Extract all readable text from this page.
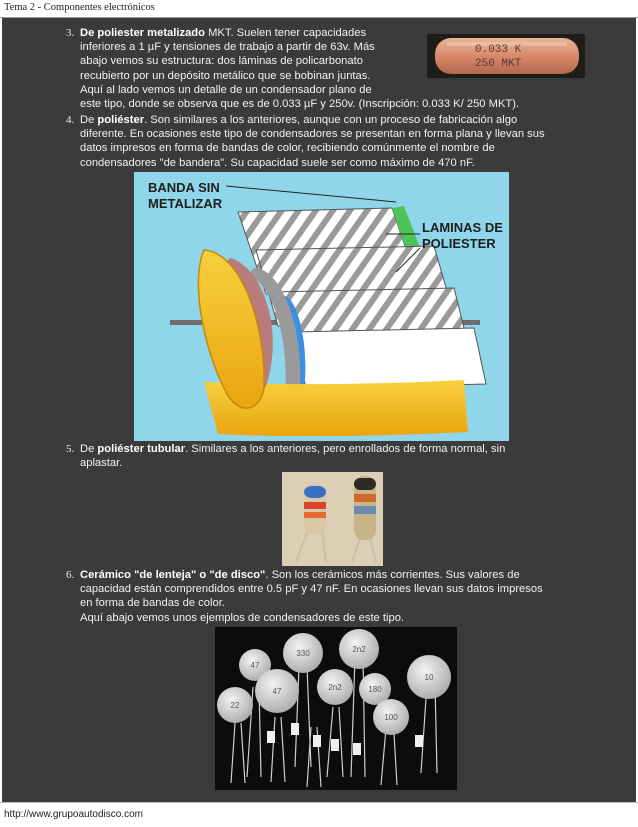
Tema 2 - Componentes electrónicos
3. De poliester metalizado MKT. Suelen tener capacidades
inferiores a 1 µF y tensiones de trabajo a partir de 63v. Más
abajo vemos su estructura: dos láminas de policarbonato
recubierto por un depósito metálico que se bobinan juntas.
Aquí al lado vemos un detalle de un condensador plano de
este tipo, donde se observa que es de 0.033 µF y 250v. (Inscripción: 0.033 K/ 250 MKT).
0.033 K
250 MKT
4. De poliéster. Son similares a los anteriores, aunque con un proceso de fabricación algo
diferente. En ocasiones este tipo de condensadores se presentan en forma plana y llevan sus
datos impresos en forma de bandas de color, recibiendo comúnmente el nombre de
condensadores "de bandera". Su capacidad suele ser como máximo de 470 nF.
BANDA SIN
METALIZAR
LAMINAS DE
POLIESTER
5. De poliéster tubular. Similares a los anteriores, pero enrollados de forma normal, sin
aplastar.
6. Cerámico "de lenteja" o "de disco". Son los cerámicos más corrientes. Sus valores de
capacidad están comprendidos entre 0.5 pF y 47 nF. En ocasiones llevan sus datos impresos
en forma de bandas de color.
Aquí abajo vemos unos ejemplos de condensadores de este tipo.
47
330	2n2
10
47	2n2	180
100
22
http://www.grupoautodisco.com
